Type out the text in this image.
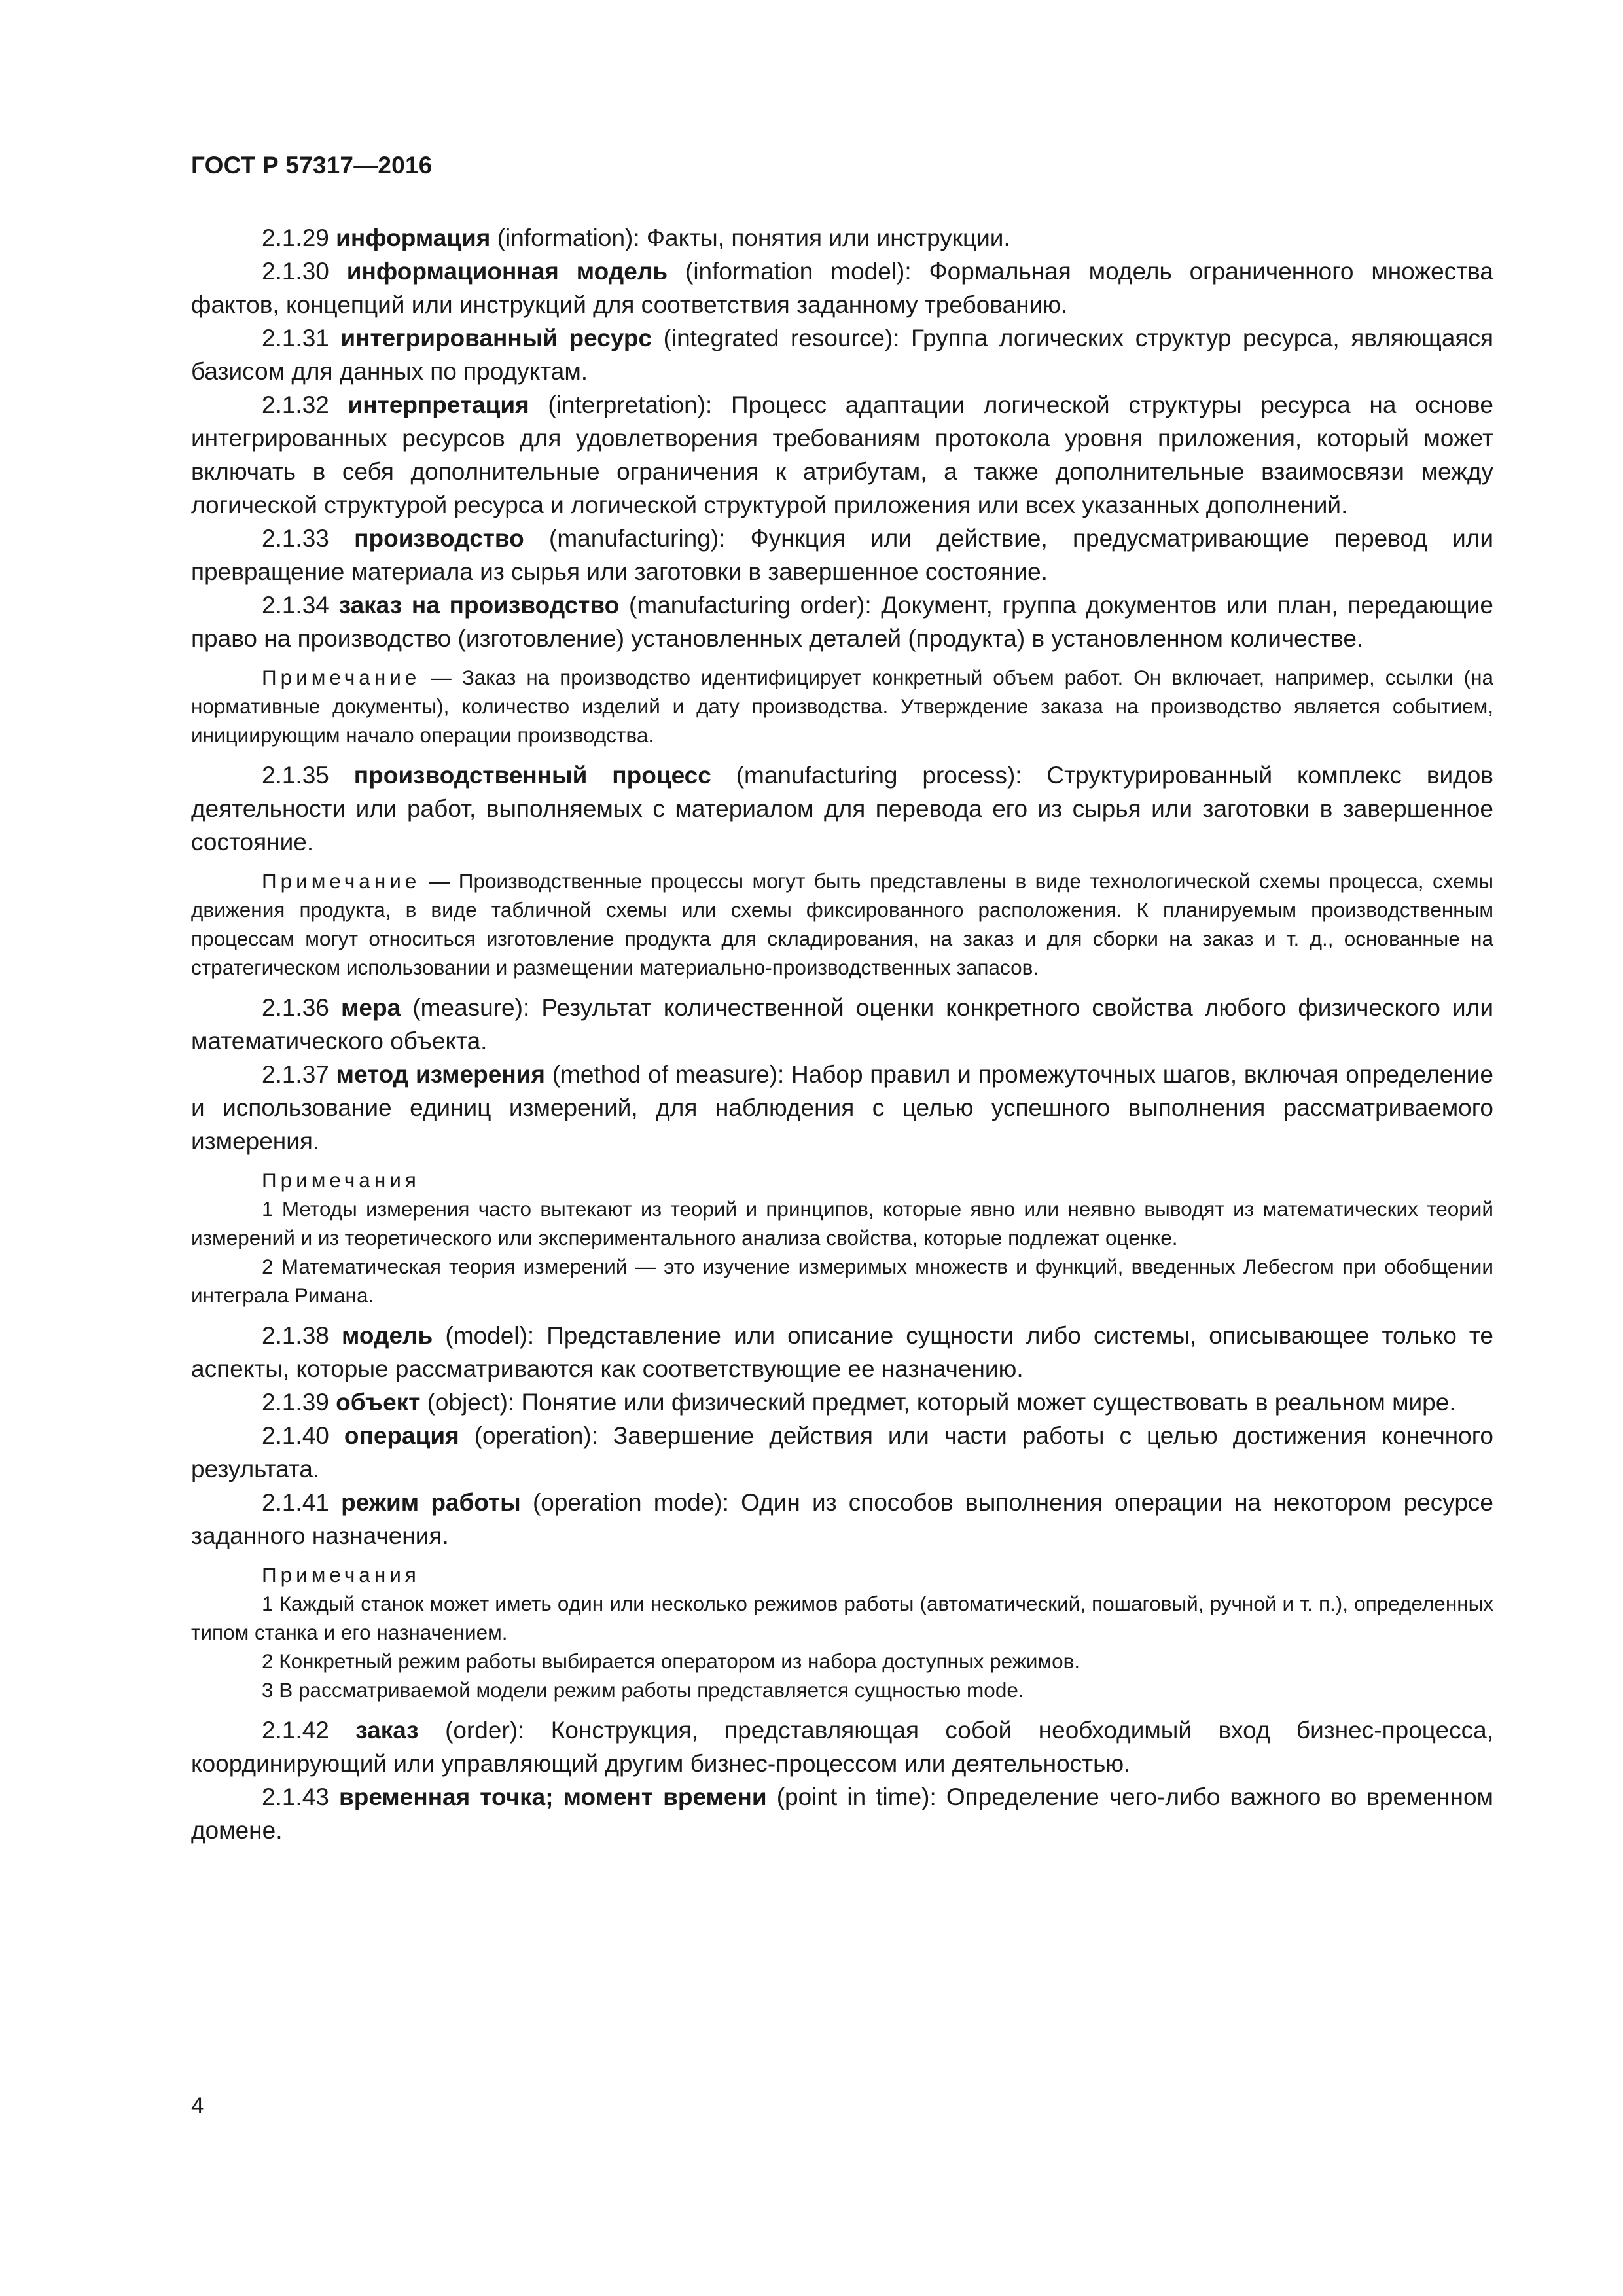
ГОСТ Р 57317—2016

2.1.29 информация (information): Факты, понятия или инструкции.

2.1.30 информационная модель (information model): Формальная модель ограниченного множества фактов, концепций или инструкций для соответствия заданному требованию.

2.1.31 интегрированный ресурс (integrated resource): Группа логических структур ресурса, являющаяся базисом для данных по продуктам.

2.1.32 интерпретация (interpretation): Процесс адаптации логической структуры ресурса на основе интегрированных ресурсов для удовлетворения требованиям протокола уровня приложения, который может включать в себя дополнительные ограничения к атрибутам, а также дополнительные взаимосвязи между логической структурой ресурса и логической структурой приложения или всех указанных дополнений.

2.1.33 производство (manufacturing): Функция или действие, предусматривающие перевод или превращение материала из сырья или заготовки в завершенное состояние.

2.1.34 заказ на производство (manufacturing order): Документ, группа документов или план, передающие право на производство (изготовление) установленных деталей (продукта) в установленном количестве.

Примечание — Заказ на производство идентифицирует конкретный объем работ. Он включает, например, ссылки (на нормативные документы), количество изделий и дату производства. Утверждение заказа на производство является событием, инициирующим начало операции производства.

2.1.35 производственный процесс (manufacturing process): Структурированный комплекс видов деятельности или работ, выполняемых с материалом для перевода его из сырья или заготовки в завершенное состояние.

Примечание — Производственные процессы могут быть представлены в виде технологической схемы процесса, схемы движения продукта, в виде табличной схемы или схемы фиксированного расположения. К планируемым производственным процессам могут относиться изготовление продукта для складирования, на заказ и для сборки на заказ и т. д., основанные на стратегическом использовании и размещении материально-производственных запасов.

2.1.36 мера (measure): Результат количественной оценки конкретного свойства любого физического или математического объекта.

2.1.37 метод измерения (method of measure): Набор правил и промежуточных шагов, включая определение и использование единиц измерений, для наблюдения с целью успешного выполнения рассматриваемого измерения.

Примечания

1 Методы измерения часто вытекают из теорий и принципов, которые явно или неявно выводят из математических теорий измерений и из теоретического или экспериментального анализа свойства, которые подлежат оценке.

2 Математическая теория измерений — это изучение измеримых множеств и функций, введенных Лебесгом при обобщении интеграла Римана.

2.1.38 модель (model): Представление или описание сущности либо системы, описывающее только те аспекты, которые рассматриваются как соответствующие ее назначению.

2.1.39 объект (object): Понятие или физический предмет, который может существовать в реальном мире.

2.1.40 операция (operation): Завершение действия или части работы с целью достижения конечного результата.

2.1.41 режим работы (operation mode): Один из способов выполнения операции на некотором ресурсе заданного назначения.

Примечания

1 Каждый станок может иметь один или несколько режимов работы (автоматический, пошаговый, ручной и т. п.), определенных типом станка и его назначением.

2 Конкретный режим работы выбирается оператором из набора доступных режимов.

3 В рассматриваемой модели режим работы представляется сущностью mode.

2.1.42 заказ (order): Конструкция, представляющая собой необходимый вход бизнес-процесса, координирующий или управляющий другим бизнес-процессом или деятельностью.

2.1.43 временная точка; момент времени (point in time): Определение чего-либо важного во временном домене.

4
